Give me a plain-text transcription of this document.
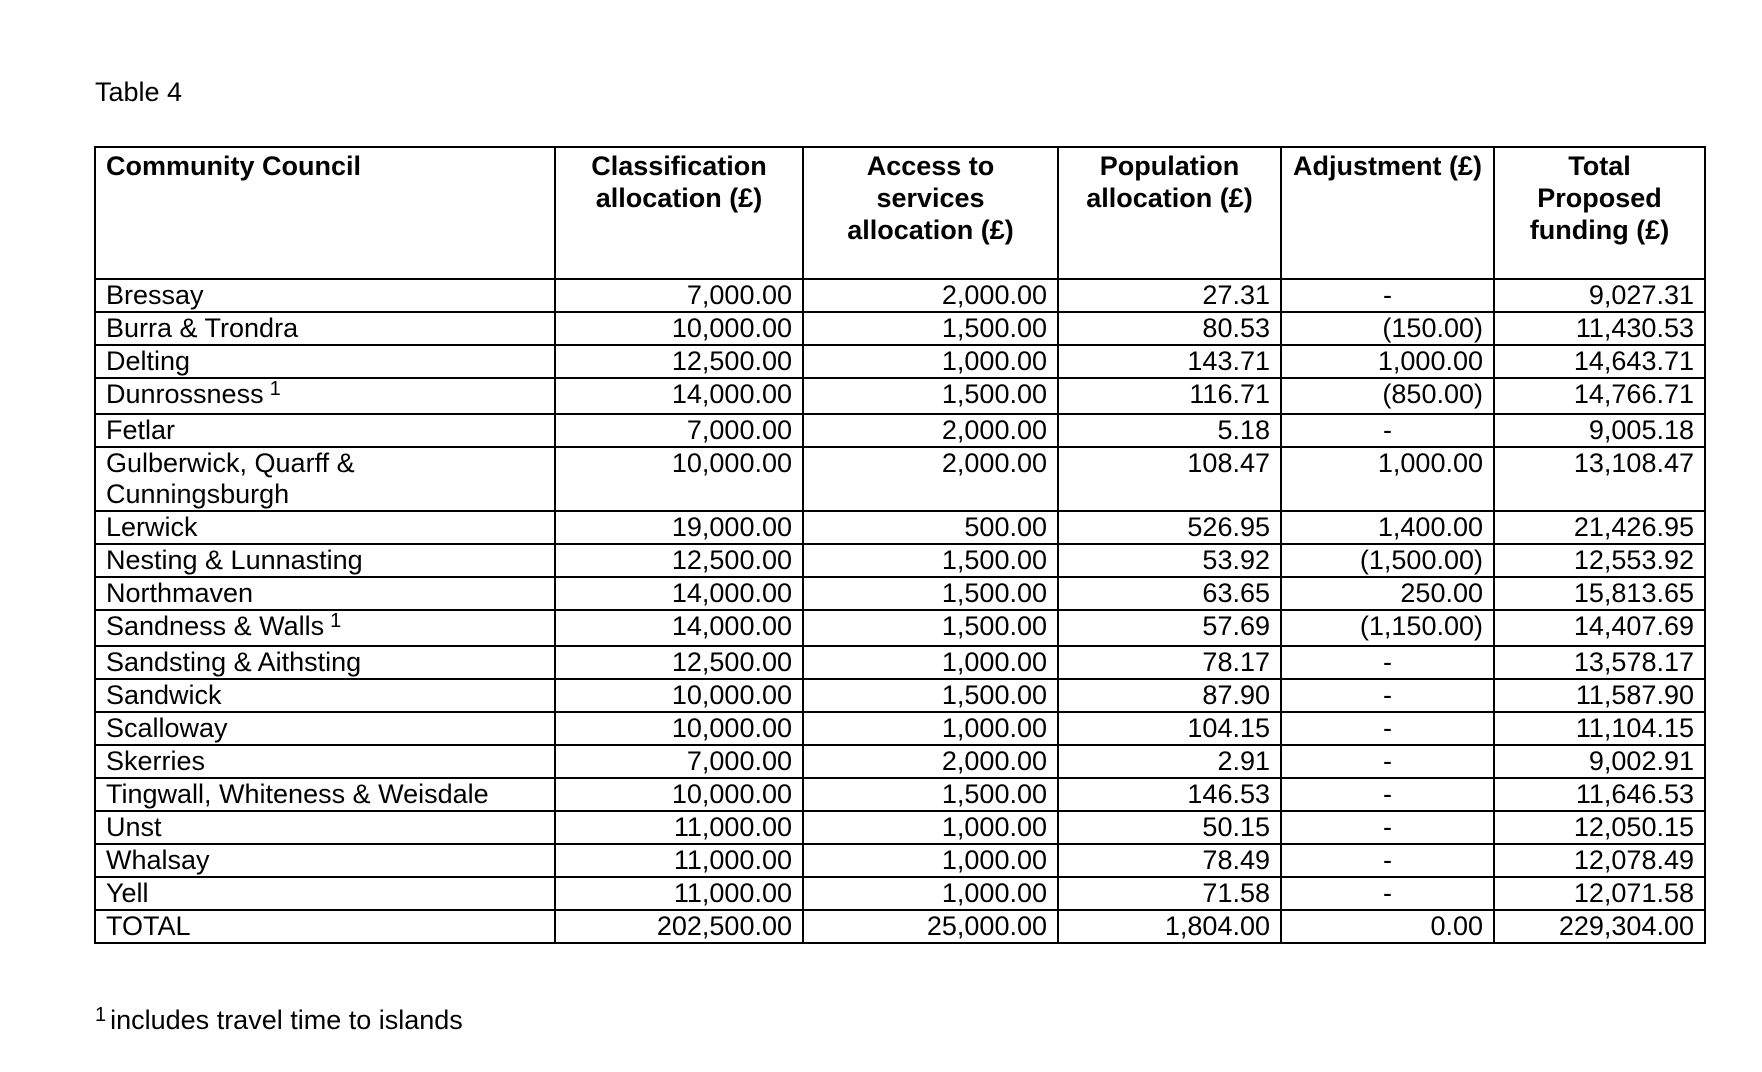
Table 4
Community Council	Classification allocation (£)	Access to services allocation (£)	Population allocation (£)	Adjustment (£)	Total Proposed funding (£)
Bressay	7,000.00	2,000.00	27.31	-	9,027.31
Burra & Trondra	10,000.00	1,500.00	80.53	(150.00)	11,430.53
Delting	12,500.00	1,000.00	143.71	1,000.00	14,643.71
Dunrossness $^1$	14,000.00	1,500.00	116.71	(850.00)	14,766.71
Fetlar	7,000.00	2,000.00	5.18	-	9,005.18
Gulberwick, Quarff & Cunningsburgh	10,000.00	2,000.00	108.47	1,000.00	13,108.47
Lerwick	19,000.00	500.00	526.95	1,400.00	21,426.95
Nesting & Lunnasting	12,500.00	1,500.00	53.92	(1,500.00)	12,553.92
Northmaven	14,000.00	1,500.00	63.65	250.00	15,813.65
Sandness & Walls $^1$	14,000.00	1,500.00	57.69	(1,150.00)	14,407.69
Sandsting & Aithsting	12,500.00	1,000.00	78.17	-	13,578.17
Sandwick	10,000.00	1,500.00	87.90	-	11,587.90
Scalloway	10,000.00	1,000.00	104.15	-	11,104.15
Skerries	7,000.00	2,000.00	2.91	-	9,002.91
Tingwall, Whiteness & Weisdale	10,000.00	1,500.00	146.53	-	11,646.53
Unst	11,000.00	1,000.00	50.15	-	12,050.15
Whalsay	11,000.00	1,000.00	78.49	-	12,078.49
Yell	11,000.00	1,000.00	71.58	-	12,071.58
TOTAL	202,500.00	25,000.00	1,804.00	0.00	229,304.00
$^1$ includes travel time to islands
